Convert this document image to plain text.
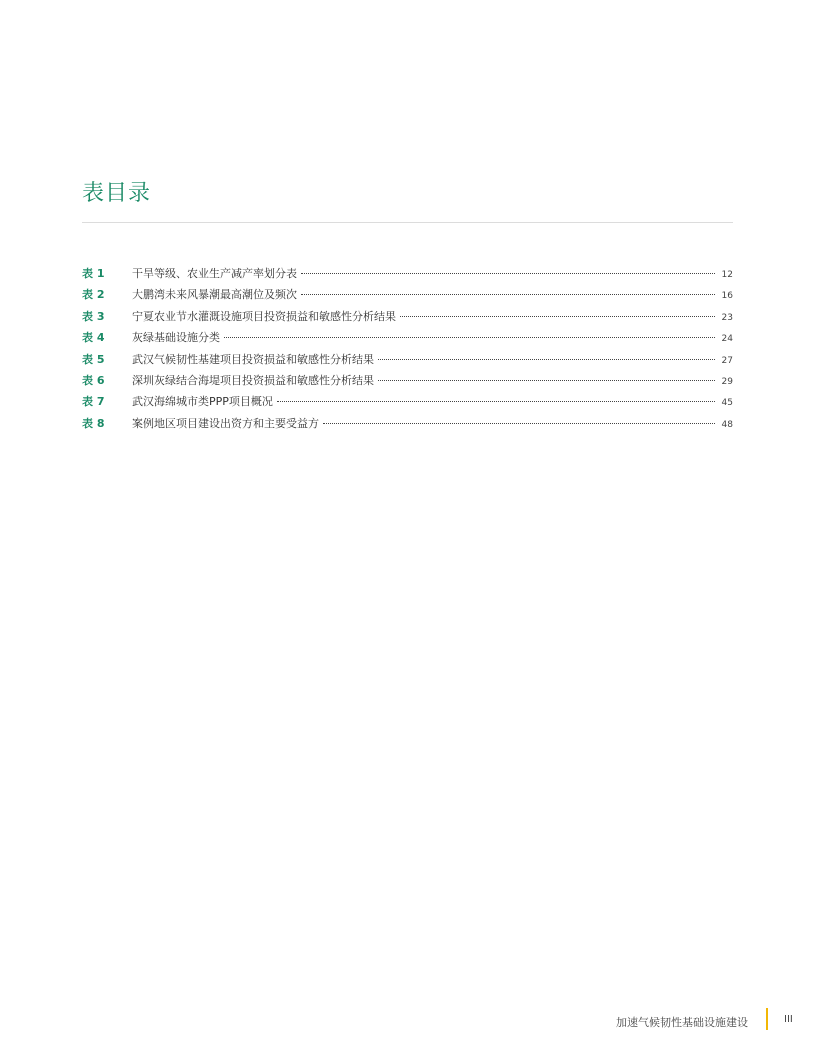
表目录
表 1	干旱等级、农业生产减产率划分表	12
表 2	大鹏湾未来风暴潮最高潮位及频次	16
表 3	宁夏农业节水灌溉设施项目投资损益和敏感性分析结果	23
表 4	灰绿基础设施分类	24
表 5	武汉气候韧性基建项目投资损益和敏感性分析结果	27
表 6	深圳灰绿结合海堤项目投资损益和敏感性分析结果	29
表 7	武汉海绵城市类PPP项目概况	45
表 8	案例地区项目建设出资方和主要受益方	48
加速气候韧性基础设施建设	III
